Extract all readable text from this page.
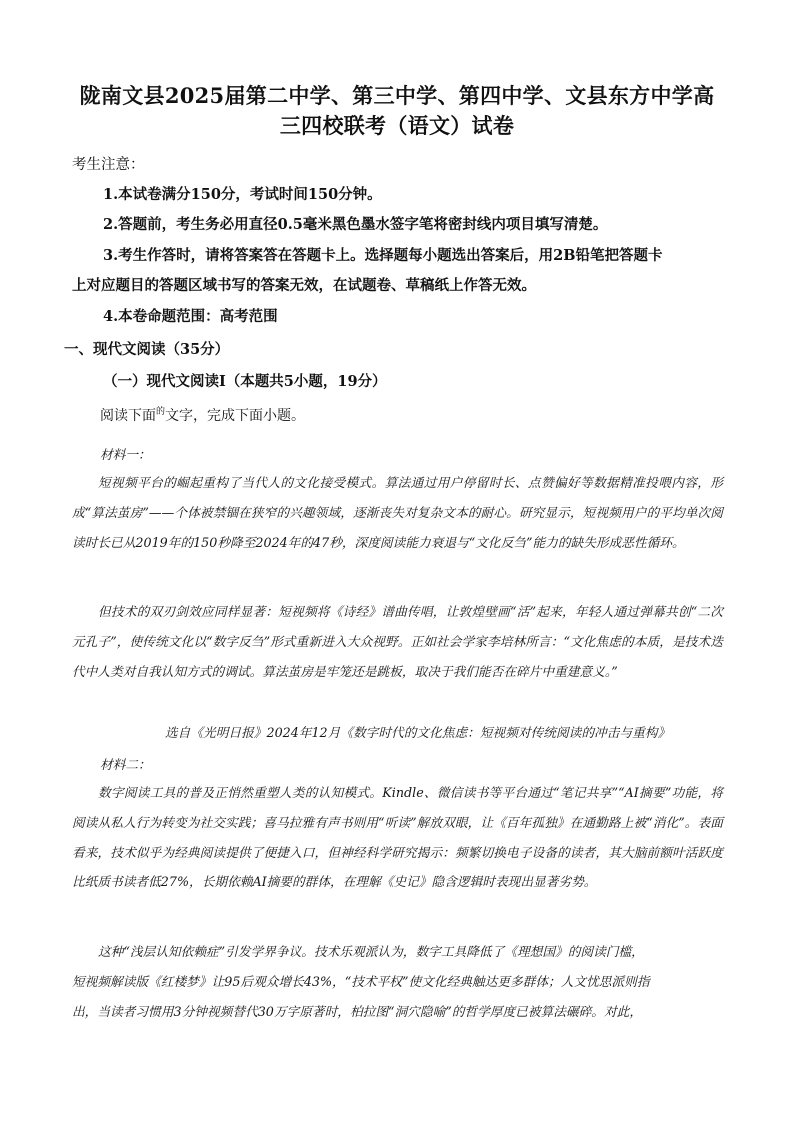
陇南文县2025届第二中学、第三中学、第四中学、文县东方中学高

三四校联考（语文）试卷

考生注意：

1.本试卷满分150分，考试时间150分钟。

2.答题前，考生务必用直径0.5毫米黑色墨水签字笔将密封线内项目填写清楚。

3.考生作答时，请将答案答在答题卡上。选择题每小题选出答案后，用2B铅笔把答题卡

上对应题目的答题区域书写的答案无效，在试题卷、草稿纸上作答无效。

4.本卷命题范围：高考范围

一、现代文阅读（35分）

（一）现代文阅读Ⅰ（本题共5小题，19分）

阅读下面$^的$文字，完成下面小题。

材料一：

短视频平台的崛起重构了当代人的文化接受模式。算法通过用户停留时长、点赞偏好等数据精准投喂内容，形成“算法茧房”——个体被禁锢在狭窄的兴趣领域，逐渐丧失对复杂文本的耐心。研究显示，短视频用户的平均单次阅读时长已从2019年的150秒降至2024年的47秒，深度阅读能力衰退与“文化反刍”能力的缺失形成恶性循环。

但技术的双刃剑效应同样显著：短视频将《诗经》谱曲传唱，让敦煌壁画“活”起来，年轻人通过弹幕共创“二次元孔子”，使传统文化以“数字反刍”形式重新进入大众视野。正如社会学家李培林所言：“文化焦虑的本质，是技术迭代中人类对自我认知方式的调试。算法茧房是牢笼还是跳板，取决于我们能否在碎片中重建意义。”

选自《光明日报》2024年12月《数字时代的文化焦虑：短视频对传统阅读的冲击与重构》

材料二：

数字阅读工具的普及正悄然重塑人类的认知模式。Kindle、微信读书等平台通过“笔记共享”“AI摘要”功能，将阅读从私人行为转变为社交实践；喜马拉雅有声书则用“听读”解放双眼，让《百年孤独》在通勤路上被“消化”。表面看来，技术似乎为经典阅读提供了便捷入口，但神经科学研究揭示：频繁切换电子设备的读者，其大脑前额叶活跃度比纸质书读者低27%，长期依赖AI摘要的群体，在理解《史记》隐含逻辑时表现出显著劣势。

这种“浅层认知依赖症”引发学界争议。技术乐观派认为，数字工具降低了《理想国》的阅读门槛，

短视频解读版《红楼梦》让95后观众增长43%，“技术平权”使文化经典触达更多群体；人文忧思派则指

出，当读者习惯用3分钟视频替代30万字原著时，柏拉图“洞穴隐喻”的哲学厚度已被算法碾碎。对此，
